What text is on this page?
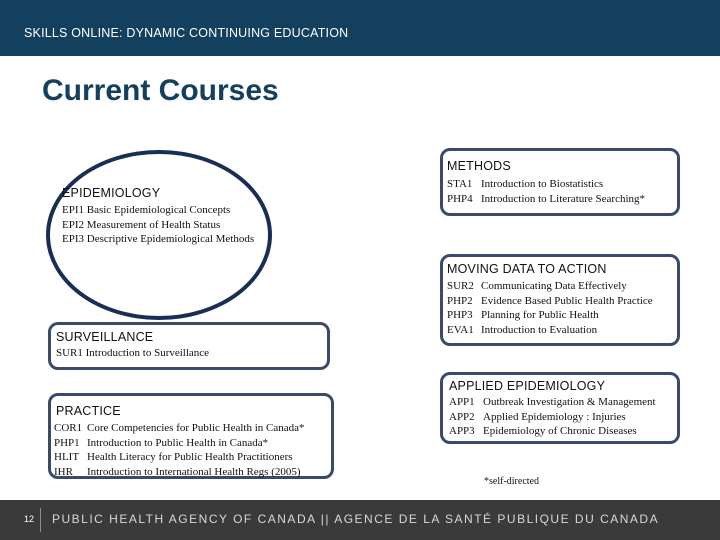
SKILLS ONLINE: DYNAMIC CONTINUING EDUCATION
Current Courses
SURVEILLANCE
SUR1 Introduction to Surveillance
EPIDEMIOLOGY
EPI1 Basic Epidemiological Concepts
EPI2 Measurement of Health Status
EPI3 Descriptive Epidemiological Methods
PRACTICE
COR1 Core Competencies for Public Health in Canada*
PHP1 Introduction to Public Health in Canada*
HLIT Health Literacy for Public Health Practitioners
IHR Introduction to International Health Regs (2005)
METHODS
STA1 Introduction to Biostatistics
PHP4 Introduction to Literature Searching*
MOVING DATA TO ACTION
SUR2 Communicating Data Effectively
PHP2 Evidence Based Public Health Practice
PHP3 Planning for Public Health
EVA1 Introduction to Evaluation
APPLIED EPIDEMIOLOGY
APP1 Outbreak Investigation & Management
APP2 Applied Epidemiology : Injuries
APP3 Epidemiology of Chronic Diseases
*self-directed
12 PUBLIC HEALTH AGENCY OF CANADA || AGENCE DE LA SANTÉ PUBLIQUE DU CANADA
